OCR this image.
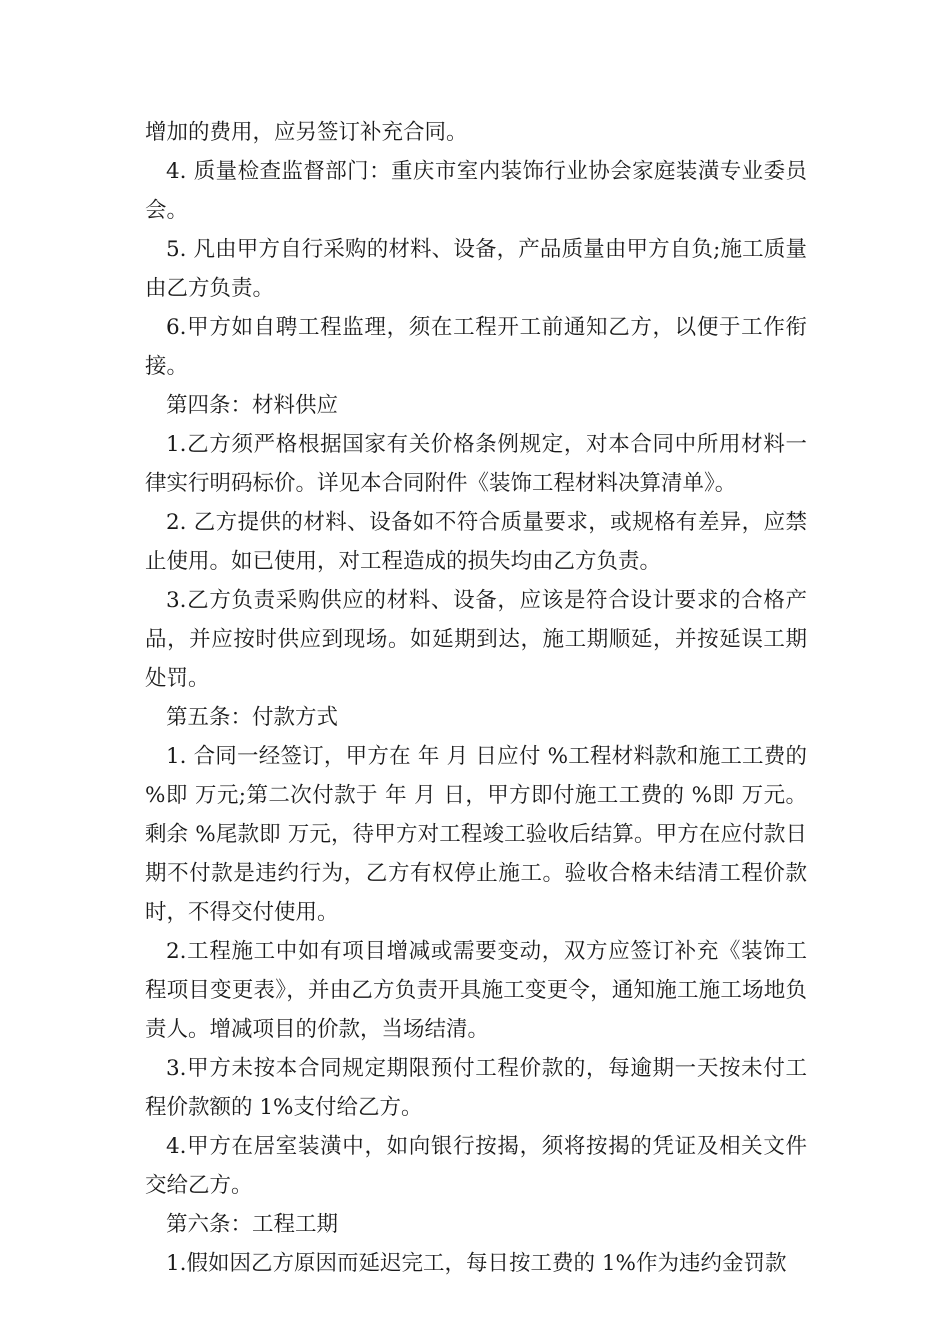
增加的费用，应另签订补充合同。

4. 质量检查监督部门：重庆市室内装饰行业协会家庭装潢专业委员会。

5. 凡由甲方自行采购的材料、设备，产品质量由甲方自负;施工质量由乙方负责。

6.甲方如自聘工程监理，须在工程开工前通知乙方，以便于工作衔接。

第四条：材料供应

1.乙方须严格根据国家有关价格条例规定，对本合同中所用材料一律实行明码标价。详见本合同附件《装饰工程材料决算清单》。

2. 乙方提供的材料、设备如不符合质量要求，或规格有差异，应禁止使用。如已使用，对工程造成的损失均由乙方负责。

3.乙方负责采购供应的材料、设备，应该是符合设计要求的合格产品，并应按时供应到现场。如延期到达，施工期顺延，并按延误工期处罚。

第五条：付款方式

1. 合同一经签订，甲方在 年 月 日应付 %工程材料款和施工工费的 %即 万元;第二次付款于 年 月 日，甲方即付施工工费的 %即 万元。剩余 %尾款即 万元，待甲方对工程竣工验收后结算。甲方在应付款日期不付款是违约行为，乙方有权停止施工。验收合格未结清工程价款时，不得交付使用。

2.工程施工中如有项目增减或需要变动，双方应签订补充《装饰工程项目变更表》，并由乙方负责开具施工变更令，通知施工施工场地负责人。增减项目的价款，当场结清。

3.甲方未按本合同规定期限预付工程价款的，每逾期一天按未付工程价款额的 1%支付给乙方。

4.甲方在居室装潢中，如向银行按揭，须将按揭的凭证及相关文件交给乙方。

第六条：工程工期

1.假如因乙方原因而延迟完工，每日按工费的 1%作为违约金罚款
